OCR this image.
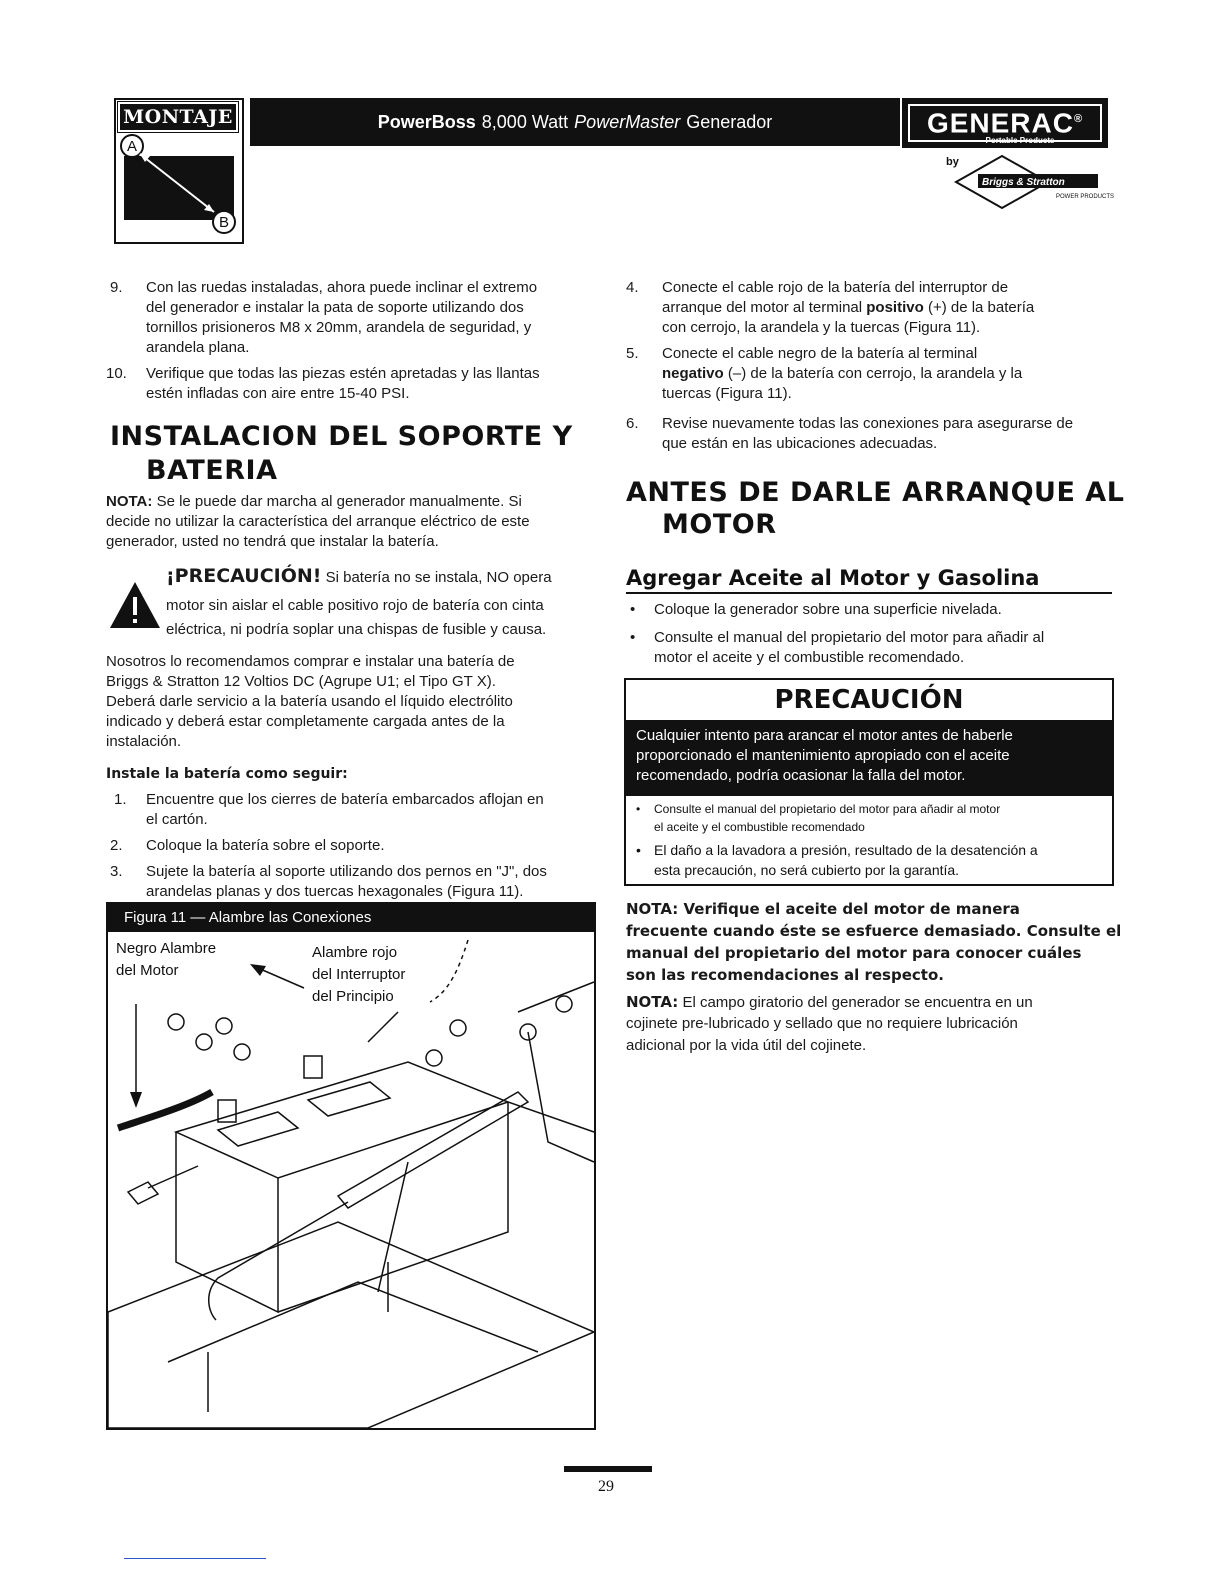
MONTAJE
A
B
PowerBoss 8,000 Watt PowerMaster Generador	GENERAC®
Portable Products
by
Briggs & Stratton
POWER PRODUCTS
9. Con las ruedas instaladas, ahora puede inclinar el extremo
del generador e instalar la pata de soporte utilizando dos
tornillos prisioneros M8 x 20mm, arandela de seguridad, y
arandela plana.
10. Verifique que todas las piezas estén apretadas y las llantas
estén infladas con aire entre 15-40 PSI.
INSTALACION DEL SOPORTE Y
BATERIA
NOTA: Se le puede dar marcha al generador manualmente. Si
decide no utilizar la característica del arranque eléctrico de este
generador, usted no tendrá que instalar la batería.
¡PRECAUCIÓN! Si batería no se instala, NO opera
motor sin aislar el cable positivo rojo de batería con cinta
eléctrica, ni podría soplar una chispas de fusible y causa.
Nosotros lo recomendamos comprar e instalar una batería de
Briggs & Stratton 12 Voltios DC (Agrupe U1; el Tipo GT X).
Deberá darle servicio a la batería usando el líquido electrólito
indicado y deberá estar completamente cargada antes de la
instalación.
Instale la batería como seguir:
1. Encuentre que los cierres de batería embarcados aflojan en
el cartón.
2. Coloque la batería sobre el soporte.
3. Sujete la batería al soporte utilizando dos pernos en "J", dos
arandelas planas y dos tuercas hexagonales (Figura 11).
Figura 11 — Alambre las Conexiones
Negro Alambre
del Motor
Alambre rojo
del Interruptor
del Principio
4. Conecte el cable rojo de la batería del interruptor de
arranque del motor al terminal positivo (+) de la batería
con cerrojo, la arandela y la tuercas (Figura 11).
5. Conecte el cable negro de la batería al terminal
negativo (–) de la batería con cerrojo, la arandela y la
tuercas (Figura 11).
6. Revise nuevamente todas las conexiones para asegurarse de
que están en las ubicaciones adecuadas.
ANTES DE DARLE ARRANQUE AL
MOTOR
Agregar Aceite al Motor y Gasolina
• Coloque la generador sobre una superficie nivelada.
• Consulte el manual del propietario del motor para añadir al
motor el aceite y el combustible recomendado.
PRECAUCIÓN
Cualquier intento para arancar el motor antes de haberle
proporcionado el mantenimiento apropiado con el aceite
recomendado, podría ocasionar la falla del motor.
• Consulte el manual del propietario del motor para añadir al motor
el aceite y el combustible recomendado
• El daño a la lavadora a presión, resultado de la desatención a
esta precaución, no será cubierto por la garantía.
NOTA: Verifique el aceite del motor de manera
frecuente cuando éste se esfuerce demasiado. Consulte el
manual del propietario del motor para conocer cuáles
son las recomendaciones al respecto.
NOTA: El campo giratorio del generador se encuentra en un
cojinete pre-lubricado y sellado que no requiere lubricación
adicional por la vida útil del cojinete.
29
